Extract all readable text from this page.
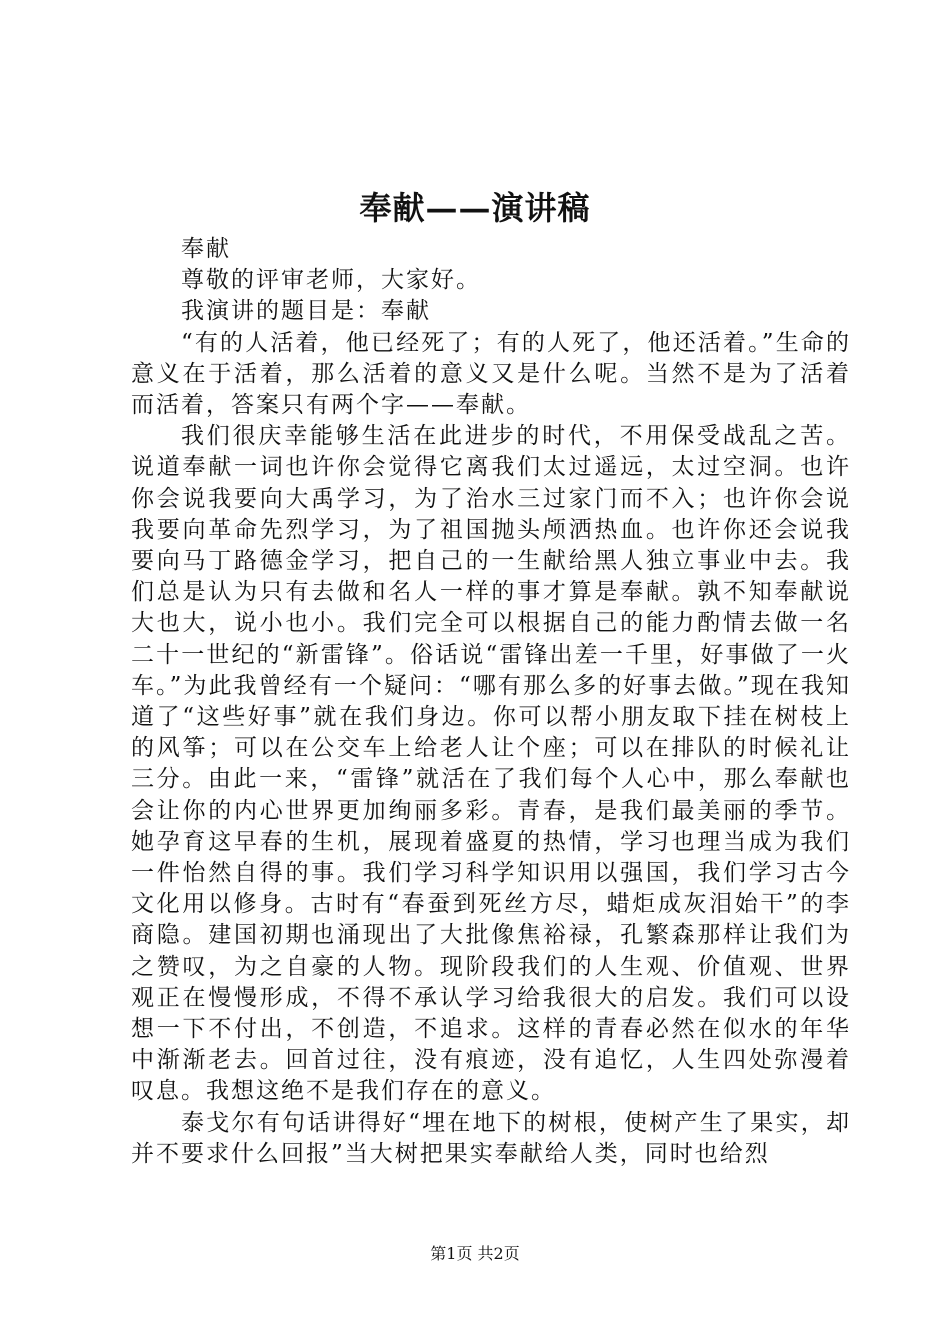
奉献——演讲稿

奉献

尊敬的评审老师，大家好。

我演讲的题目是：奉献

“有的人活着，他已经死了；有的人死了，他还活着。”生命的意义在于活着，那么活着的意义又是什么呢。当然不是为了活着而活着，答案只有两个字——奉献。

我们很庆幸能够生活在此进步的时代，不用保受战乱之苦。说道奉献一词也许你会觉得它离我们太过遥远，太过空洞。也许你会说我要向大禹学习，为了治水三过家门而不入；也许你会说我要向革命先烈学习，为了祖国抛头颅洒热血。也许你还会说我要向马丁路德金学习，把自己的一生献给黑人独立事业中去。我们总是认为只有去做和名人一样的事才算是奉献。孰不知奉献说大也大，说小也小。我们完全可以根据自己的能力酌情去做一名二十一世纪的“新雷锋”。俗话说“雷锋出差一千里，好事做了一火车。”为此我曾经有一个疑问：“哪有那么多的好事去做。”现在我知道了“这些好事”就在我们身边。你可以帮小朋友取下挂在树枝上的风筝；可以在公交车上给老人让个座；可以在排队的时候礼让三分。由此一来，“雷锋”就活在了我们每个人心中，那么奉献也会让你的内心世界更加绚丽多彩。青春，是我们最美丽的季节。她孕育这早春的生机，展现着盛夏的热情，学习也理当成为我们一件怡然自得的事。我们学习科学知识用以强国，我们学习古今文化用以修身。古时有“春蚕到死丝方尽，蜡炬成灰泪始干”的李商隐。建国初期也涌现出了大批像焦裕禄，孔繁森那样让我们为之赞叹，为之自豪的人物。现阶段我们的人生观、价值观、世界观正在慢慢形成，不得不承认学习给我很大的启发。我们可以设想一下不付出，不创造，不追求。这样的青春必然在似水的年华中渐渐老去。回首过往，没有痕迹，没有追忆，人生四处弥漫着叹息。我想这绝不是我们存在的意义。

泰戈尔有句话讲得好“埋在地下的树根，使树产生了果实，却并不要求什么回报”当大树把果实奉献给人类，同时也给烈

第1页 共2页
